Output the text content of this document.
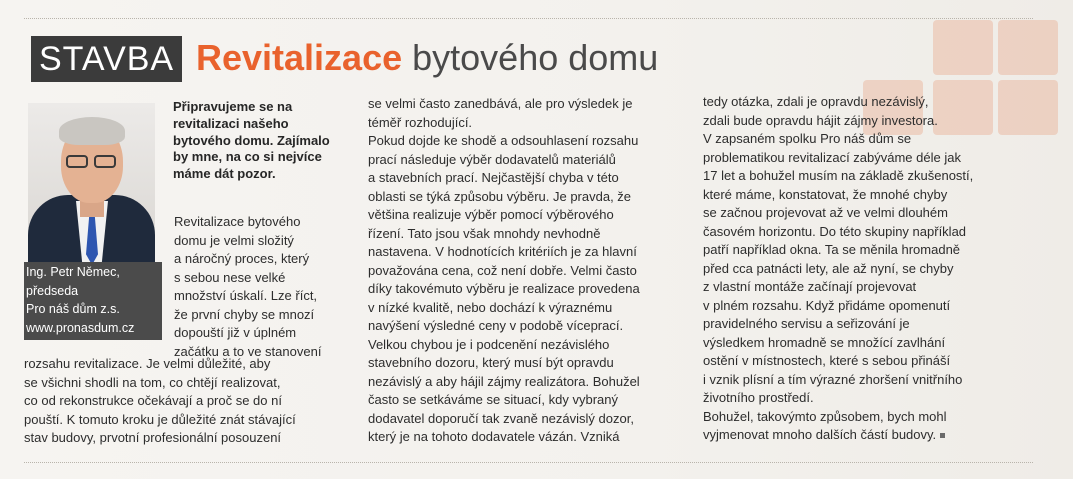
STAVBA Revitalizace bytového domu
Ing. Petr Němec,
předseda
Pro náš dům z.s.
www.pronasdum.cz
Připravujeme se na
revitalizaci našeho
bytového domu. Zajímalo
by mne, na co si nejvíce
máme dát pozor.
Revitalizace bytového
domu je velmi složitý
a náročný proces, který
s sebou nese velké
množství úskalí. Lze říct,
že první chyby se mnozí
dopouští již v úplném
začátku a to ve stanovení
rozsahu revitalizace. Je velmi důležité, aby
se všichni shodli na tom, co chtějí realizovat,
co od rekonstrukce očekávají a proč se do ní
pouští. K tomuto kroku je důležité znát stávající
stav budovy, prvotní profesionální posouzení
se velmi často zanedbává, ale pro výsledek je
téměř rozhodující.
Pokud dojde ke shodě a odsouhlasení rozsahu
prací následuje výběr dodavatelů materiálů
a stavebních prací. Nejčastější chyba v této
oblasti se týká způsobu výběru. Je pravda, že
většina realizuje výběr pomocí výběrového
řízení. Tato jsou však mnohdy nevhodně
nastavena. V hodnotících kritériích je za hlavní
považována cena, což není dobře. Velmi často
díky takovémuto výběru je realizace provedena
v nízké kvalitě, nebo dochází k výraznému
navýšení výsledné ceny v podobě víceprací.
Velkou chybou je i podcenění nezávislého
stavebního dozoru, který musí být opravdu
nezávislý a aby hájil zájmy realizátora. Bohužel
často se setkáváme se situací, kdy vybraný
dodavatel doporučí tak zvaně nezávislý dozor,
který je na tohoto dodavatele vázán. Vzniká
tedy otázka, zdali je opravdu nezávislý,
zdali bude opravdu hájit zájmy investora.
V zapsaném spolku Pro náš dům se
problematikou revitalizací zabýváme déle jak
17 let a bohužel musím na základě zkušeností,
které máme, konstatovat, že mnohé chyby
se začnou projevovat až ve velmi dlouhém
časovém horizontu. Do této skupiny například
patří například okna. Ta se měnila hromadně
před cca patnácti lety, ale až nyní, se chyby
z vlastní montáže začínají projevovat
v plném rozsahu. Když přidáme opomenutí
pravidelného servisu a seřizování je
výsledkem hromadně se množící zavlhání
ostění v místnostech, které s sebou přináší
i vznik plísní a tím výrazné zhoršení vnitřního
životního prostředí.
Bohužel, takovýmto způsobem, bych mohl
vyjmenovat mnoho dalších částí budovy.
